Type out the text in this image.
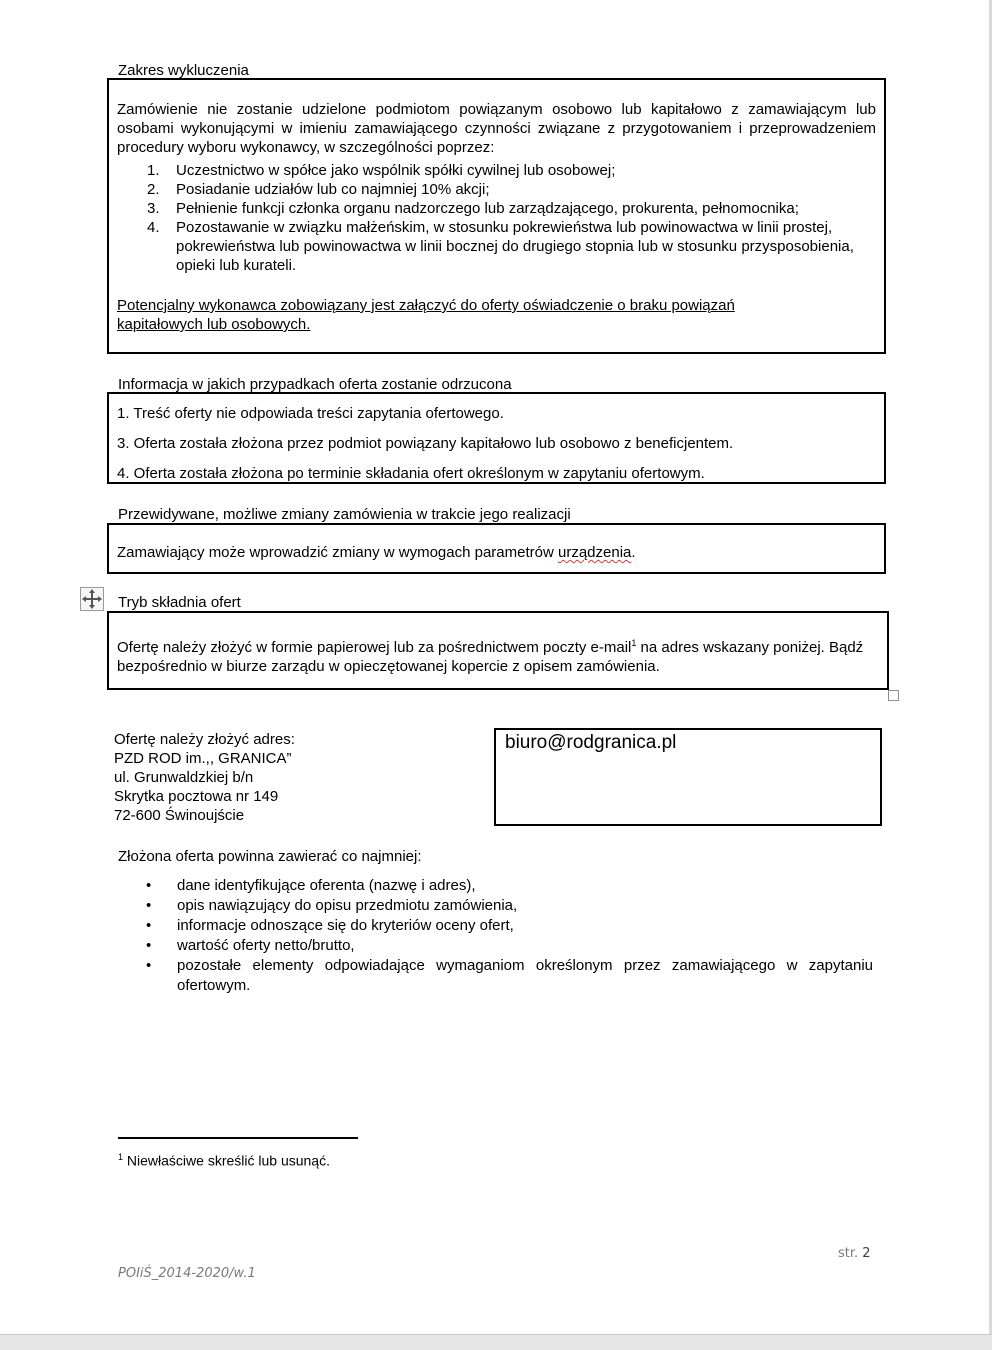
Zakres wykluczenia
Zamówienie nie zostanie udzielone podmiotom powiązanym osobowo lub kapitałowo z zamawiającym lub osobami wykonującymi w imieniu zamawiającego czynności związane z przygotowaniem i przeprowadzeniem procedury wyboru wykonawcy, w szczególności poprzez:
1. Uczestnictwo w spółce jako wspólnik spółki cywilnej lub osobowej;
2. Posiadanie udziałów lub co najmniej 10% akcji;
3. Pełnienie funkcji członka organu nadzorczego lub zarządzającego, prokurenta, pełnomocnika;
4. Pozostawanie w związku małżeńskim, w stosunku pokrewieństwa lub powinowactwa w linii prostej, pokrewieństwa lub powinowactwa w linii bocznej do drugiego stopnia lub w stosunku przysposobienia, opieki lub kurateli.
Potencjalny wykonawca zobowiązany jest załączyć do oferty oświadczenie o braku powiązań kapitałowych lub osobowych.
Informacja w jakich przypadkach oferta zostanie odrzucona
1. Treść oferty nie odpowiada treści zapytania ofertowego.
3. Oferta została złożona przez podmiot powiązany kapitałowo lub osobowo z beneficjentem.
4. Oferta została złożona po terminie składania ofert określonym w zapytaniu ofertowym.
Przewidywane, możliwe zmiany zamówienia w trakcie jego realizacji
Zamawiający może wprowadzić zmiany w wymogach parametrów urządzenia.
Tryb składnia ofert
Ofertę należy złożyć w formie papierowej lub za pośrednictwem poczty e-mail$^1$ na adres wskazany poniżej. Bądź bezpośrednio w biurze zarządu w opieczętowanej kopercie z opisem zamówienia.
Ofertę należy złożyć adres:
PZD ROD im.,, GRANICA”
ul. Grunwaldzkiej b/n
Skrytka pocztowa nr 149
72-600 Świnoujście
biuro@rodgranica.pl
Złożona oferta powinna zawierać co najmniej:
• dane identyfikujące oferenta (nazwę i adres),
• opis nawiązujący do opisu przedmiotu zamówienia,
• informacje odnoszące się do kryteriów oceny ofert,
• wartość oferty netto/brutto,
• pozostałe elementy odpowiadające wymaganiom określonym przez zamawiającego w zapytaniu ofertowym.
$^1$ Niewłaściwe skreślić lub usunąć.
str. 2
POIiŚ_2014-2020/w.1
